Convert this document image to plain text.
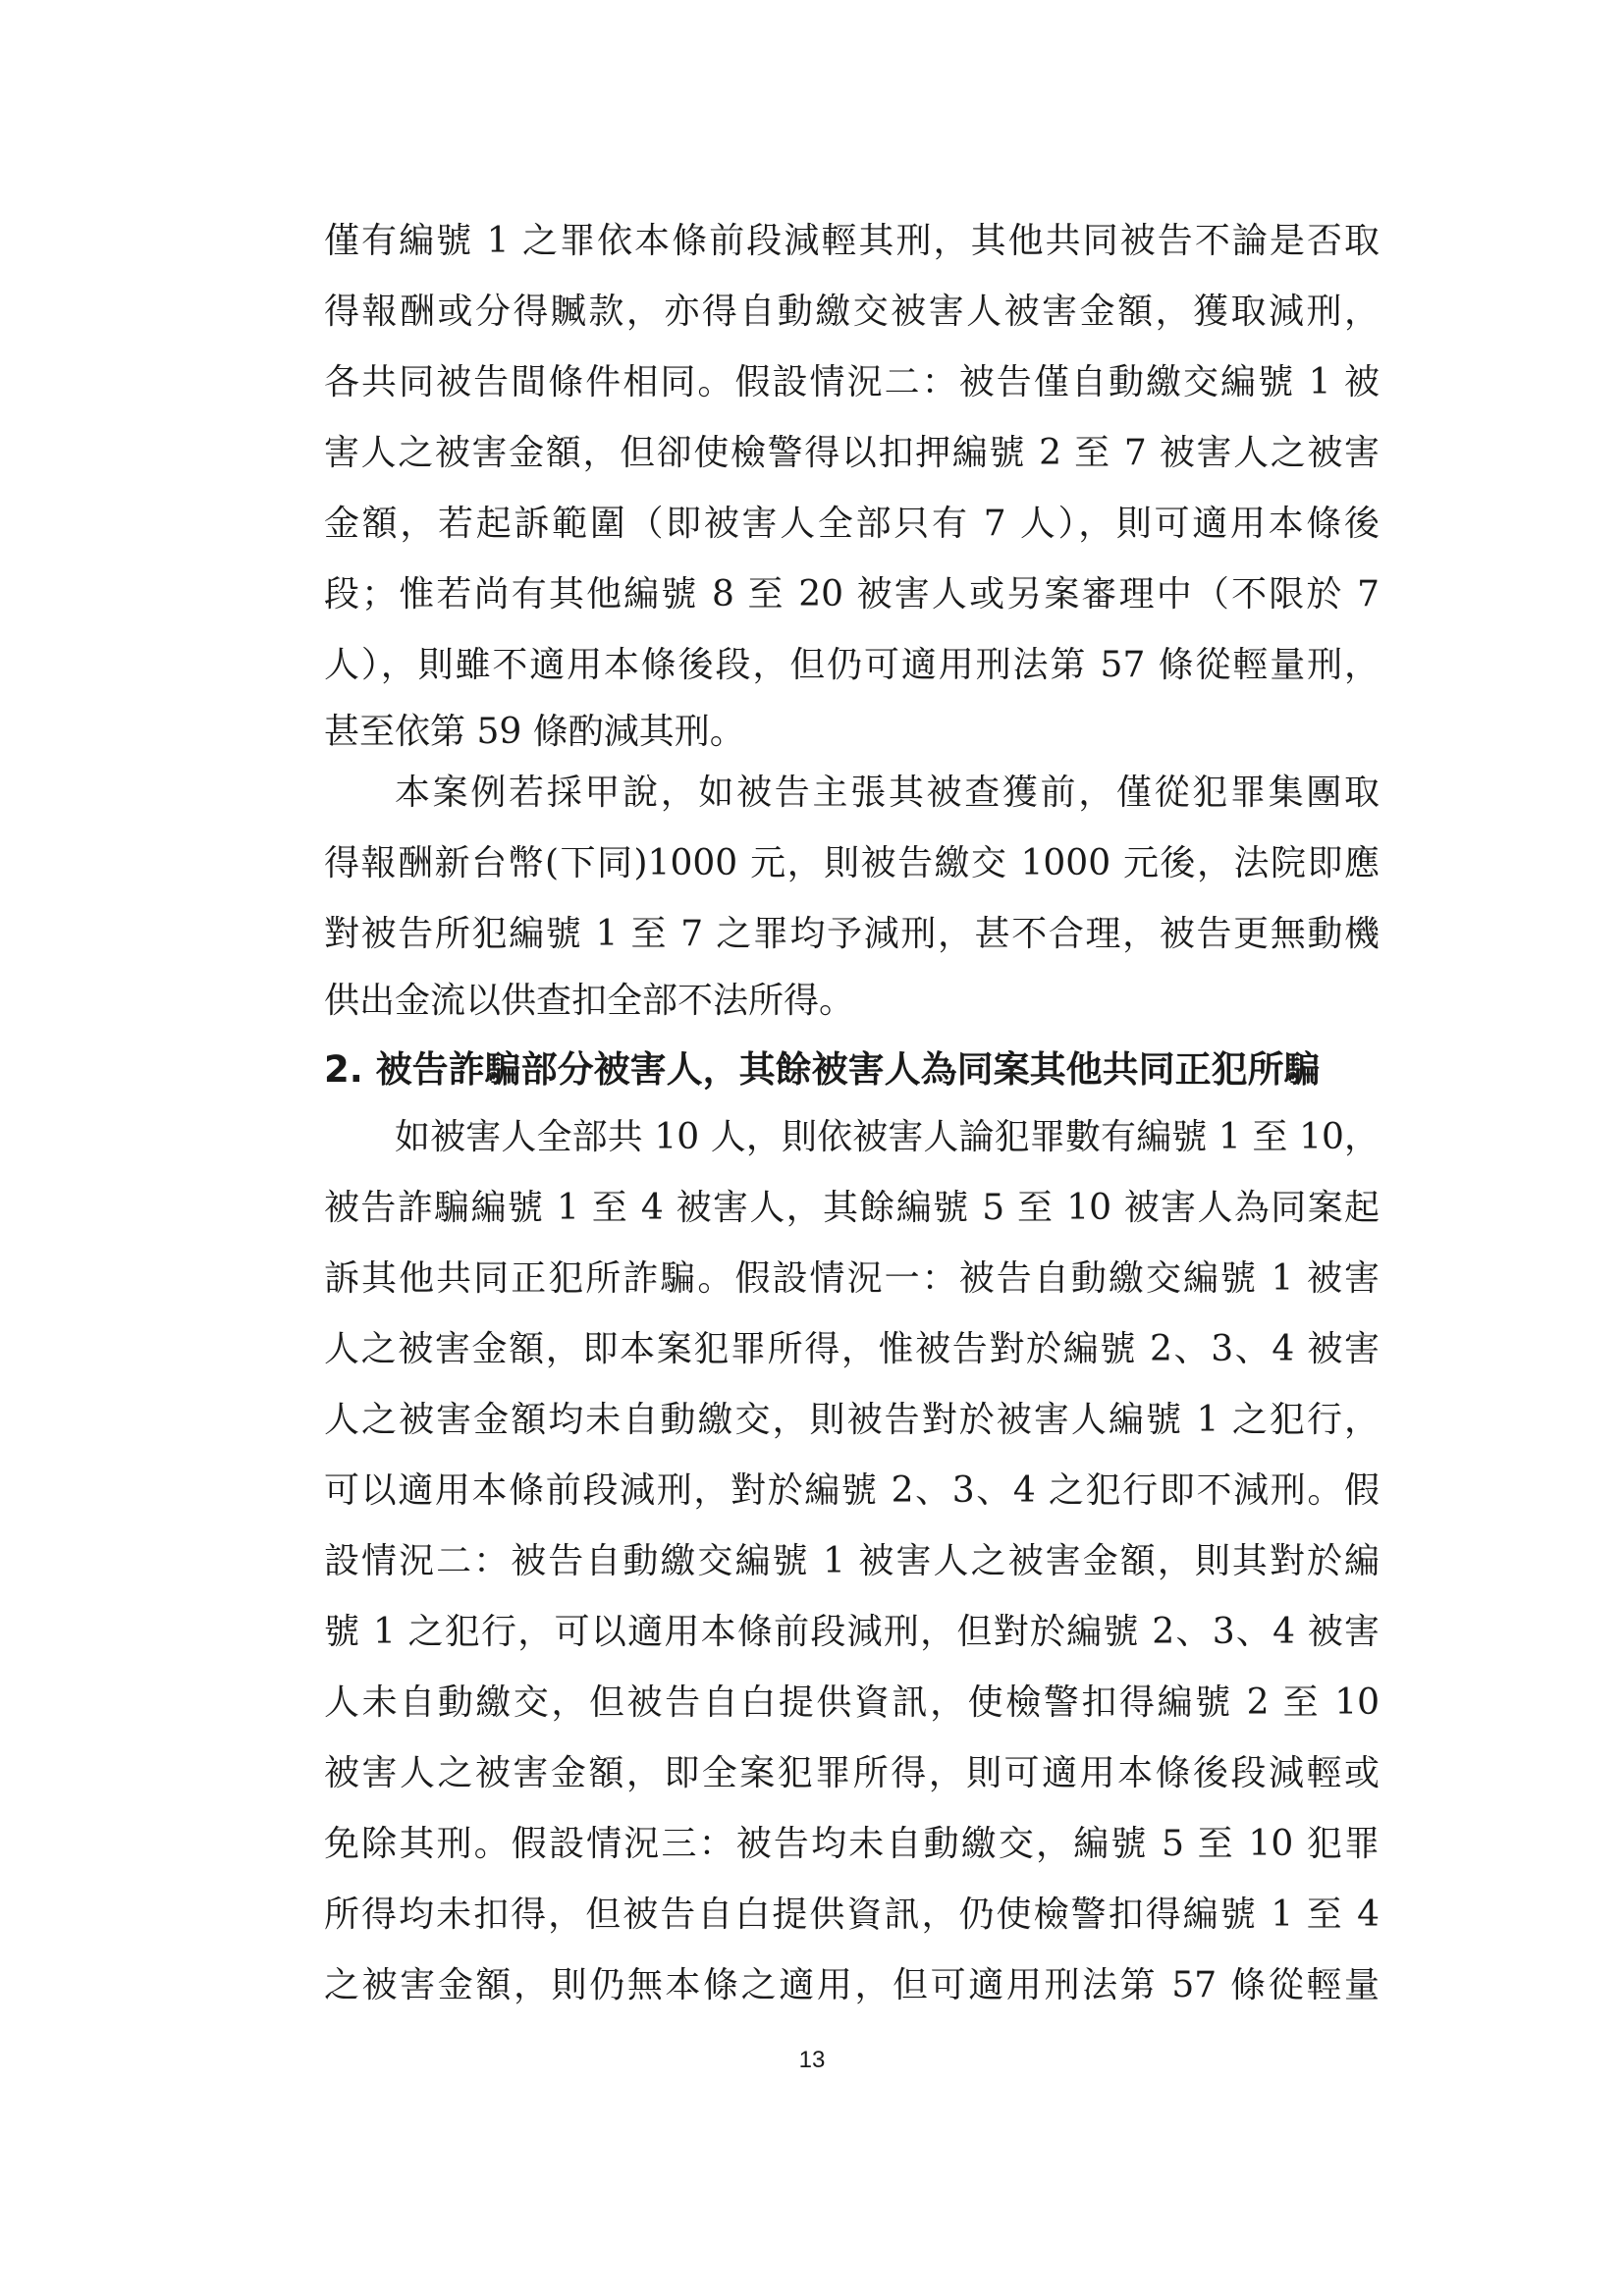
僅有編號 1 之罪依本條前段減輕其刑，其他共同被告不論是否取
得報酬或分得贓款，亦得自動繳交被害人被害金額，獲取減刑，
各共同被告間條件相同。假設情況二：被告僅自動繳交編號 1 被
害人之被害金額，但卻使檢警得以扣押編號 2 至 7 被害人之被害
金額，若起訴範圍（即被害人全部只有 7 人），則可適用本條後
段；惟若尚有其他編號 8 至 20 被害人或另案審理中（不限於 7
人），則雖不適用本條後段，但仍可適用刑法第 57 條從輕量刑，
甚至依第 59 條酌減其刑。
本案例若採甲說，如被告主張其被查獲前，僅從犯罪集團取
得報酬新台幣(下同)1000 元，則被告繳交 1000 元後，法院即應
對被告所犯編號 1 至 7 之罪均予減刑，甚不合理，被告更無動機
供出金流以供查扣全部不法所得。
2. 被告詐騙部分被害人，其餘被害人為同案其他共同正犯所騙
如被害人全部共 10 人，則依被害人論犯罪數有編號 1 至 10，
被告詐騙編號 1 至 4 被害人，其餘編號 5 至 10 被害人為同案起
訴其他共同正犯所詐騙。假設情況一：被告自動繳交編號 1 被害
人之被害金額，即本案犯罪所得，惟被告對於編號 2、3、4 被害
人之被害金額均未自動繳交，則被告對於被害人編號 1 之犯行，
可以適用本條前段減刑，對於編號 2、3、4 之犯行即不減刑。假
設情況二：被告自動繳交編號 1 被害人之被害金額，則其對於編
號 1 之犯行，可以適用本條前段減刑，但對於編號 2、3、4 被害
人未自動繳交，但被告自白提供資訊，使檢警扣得編號 2 至 10
被害人之被害金額，即全案犯罪所得，則可適用本條後段減輕或
免除其刑。假設情況三：被告均未自動繳交，編號 5 至 10 犯罪
所得均未扣得，但被告自白提供資訊，仍使檢警扣得編號 1 至 4
之被害金額，則仍無本條之適用，但可適用刑法第 57 條從輕量
13
